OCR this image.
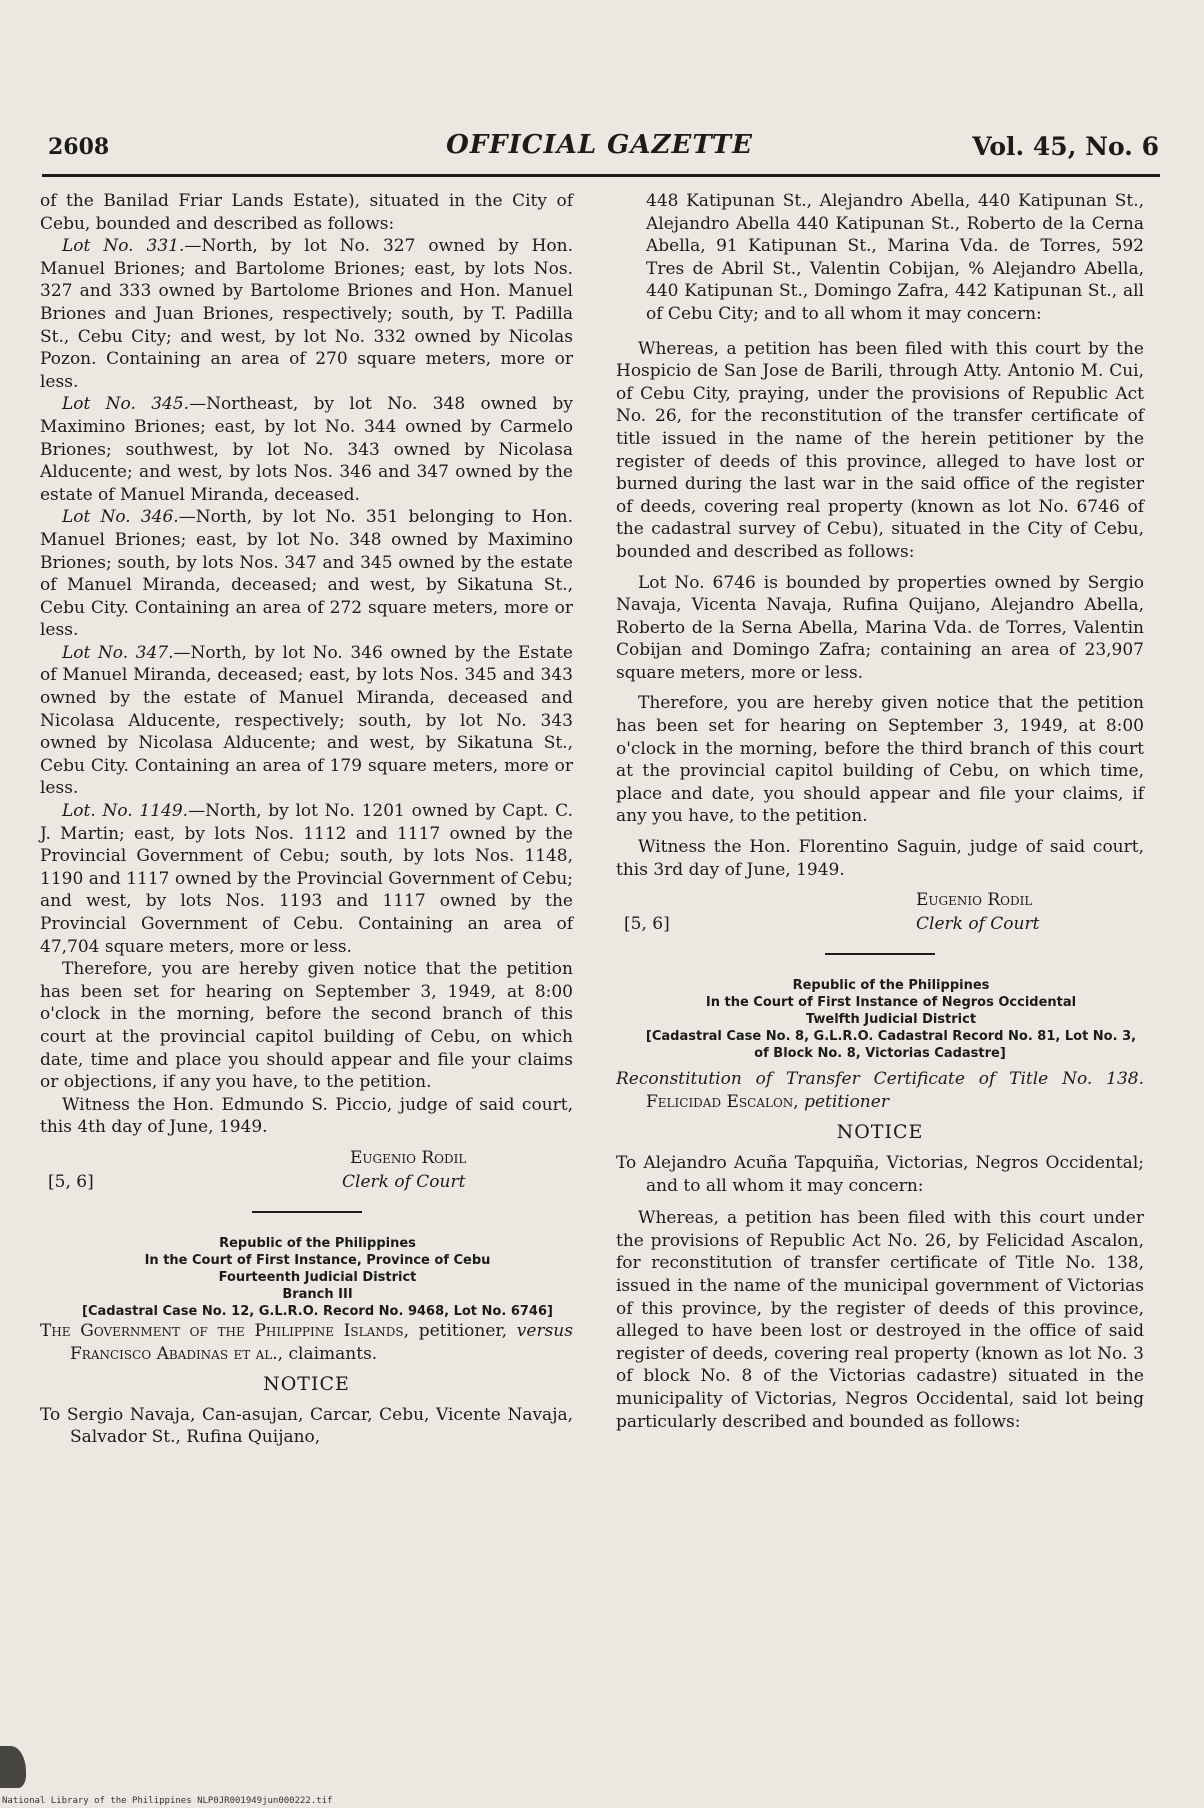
2608	OFFICIAL GAZETTE	Vol. 45, No. 6

of the Banilad Friar Lands Estate), situated in the City of Cebu, bounded and described as follows:

Lot No. 331.—North, by lot No. 327 owned by Hon. Manuel Briones; and Bartolome Briones; east, by lots Nos. 327 and 333 owned by Bartolome Briones and Hon. Manuel Briones and Juan Briones, respectively; south, by T. Padilla St., Cebu City; and west, by lot No. 332 owned by Nicolas Pozon. Containing an area of 270 square meters, more or less.

Lot No. 345.—Northeast, by lot No. 348 owned by Maximino Briones; east, by lot No. 344 owned by Carmelo Briones; southwest, by lot No. 343 owned by Nicolasa Alducente; and west, by lots Nos. 346 and 347 owned by the estate of Manuel Miranda, deceased.

Lot No. 346.—North, by lot No. 351 belonging to Hon. Manuel Briones; east, by lot No. 348 owned by Maximino Briones; south, by lots Nos. 347 and 345 owned by the estate of Manuel Miranda, deceased; and west, by Sikatuna St., Cebu City. Containing an area of 272 square meters, more or less.

Lot No. 347.—North, by lot No. 346 owned by the Estate of Manuel Miranda, deceased; east, by lots Nos. 345 and 343 owned by the estate of Manuel Miranda, deceased and Nicolasa Alducente, respectively; south, by lot No. 343 owned by Nicolasa Alducente; and west, by Sikatuna St., Cebu City. Containing an area of 179 square meters, more or less.

Lot. No. 1149.—North, by lot No. 1201 owned by Capt. C. J. Martin; east, by lots Nos. 1112 and 1117 owned by the Provincial Government of Cebu; south, by lots Nos. 1148, 1190 and 1117 owned by the Provincial Government of Cebu; and west, by lots Nos. 1193 and 1117 owned by the Provincial Government of Cebu. Containing an area of 47,704 square meters, more or less.

Therefore, you are hereby given notice that the petition has been set for hearing on September 3, 1949, at 8:00 o'clock in the morning, before the second branch of this court at the provincial capitol building of Cebu, on which date, time and place you should appear and file your claims or objections, if any you have, to the petition.

Witness the Hon. Edmundo S. Piccio, judge of said court, this 4th day of June, 1949.

Eugenio Rodil
[5, 6]	Clerk of Court

Republic of the Philippines

In the Court of First Instance, Province of Cebu

Fourteenth Judicial District

Branch III

[Cadastral Case No. 12, G.L.R.O. Record No. 9468, Lot No. 6746]

The Government of the Philippine Islands, petitioner, versus Francisco Abadinas et al., claimants.

NOTICE

To Sergio Navaja, Can-asujan, Carcar, Cebu, Vicente Navaja, Salvador St., Rufina Quijano,

448 Katipunan St., Alejandro Abella, 440 Katipunan St., Alejandro Abella 440 Katipunan St., Roberto de la Cerna Abella, 91 Katipunan St., Marina Vda. de Torres, 592 Tres de Abril St., Valentin Cobijan, % Alejandro Abella, 440 Katipunan St., Domingo Zafra, 442 Katipunan St., all of Cebu City; and to all whom it may concern:

Whereas, a petition has been filed with this court by the Hospicio de San Jose de Barili, through Atty. Antonio M. Cui, of Cebu City, praying, under the provisions of Republic Act No. 26, for the reconstitution of the transfer certificate of title issued in the name of the herein petitioner by the register of deeds of this province, alleged to have lost or burned during the last war in the said office of the register of deeds, covering real property (known as lot No. 6746 of the cadastral survey of Cebu), situated in the City of Cebu, bounded and described as follows:

Lot No. 6746 is bounded by properties owned by Sergio Navaja, Vicenta Navaja, Rufina Quijano, Alejandro Abella, Roberto de la Serna Abella, Marina Vda. de Torres, Valentin Cobijan and Domingo Zafra; containing an area of 23,907 square meters, more or less.

Therefore, you are hereby given notice that the petition has been set for hearing on September 3, 1949, at 8:00 o'clock in the morning, before the third branch of this court at the provincial capitol building of Cebu, on which time, place and date, you should appear and file your claims, if any you have, to the petition.

Witness the Hon. Florentino Saguin, judge of said court, this 3rd day of June, 1949.

Eugenio Rodil
[5, 6]	Clerk of Court

Republic of the Philippines

In the Court of First Instance of Negros Occidental

Twelfth Judicial District

[Cadastral Case No. 8, G.L.R.O. Cadastral Record No. 81, Lot No. 3, of Block No. 8, Victorias Cadastre]

Reconstitution of Transfer Certificate of Title No. 138. Felicidad Escalon, petitioner

NOTICE

To Alejandro Acuña Tapquiña, Victorias, Negros Occidental; and to all whom it may concern:

Whereas, a petition has been filed with this court under the provisions of Republic Act No. 26, by Felicidad Ascalon, for reconstitution of transfer certificate of Title No. 138, issued in the name of the municipal government of Victorias of this province, by the register of deeds of this province, alleged to have been lost or destroyed in the office of said register of deeds, covering real property (known as lot No. 3 of block No. 8 of the Victorias cadastre) situated in the municipality of Victorias, Negros Occidental, said lot being particularly described and bounded as follows:

National Library of the Philippines NLP0JR001949jun000222.tif
